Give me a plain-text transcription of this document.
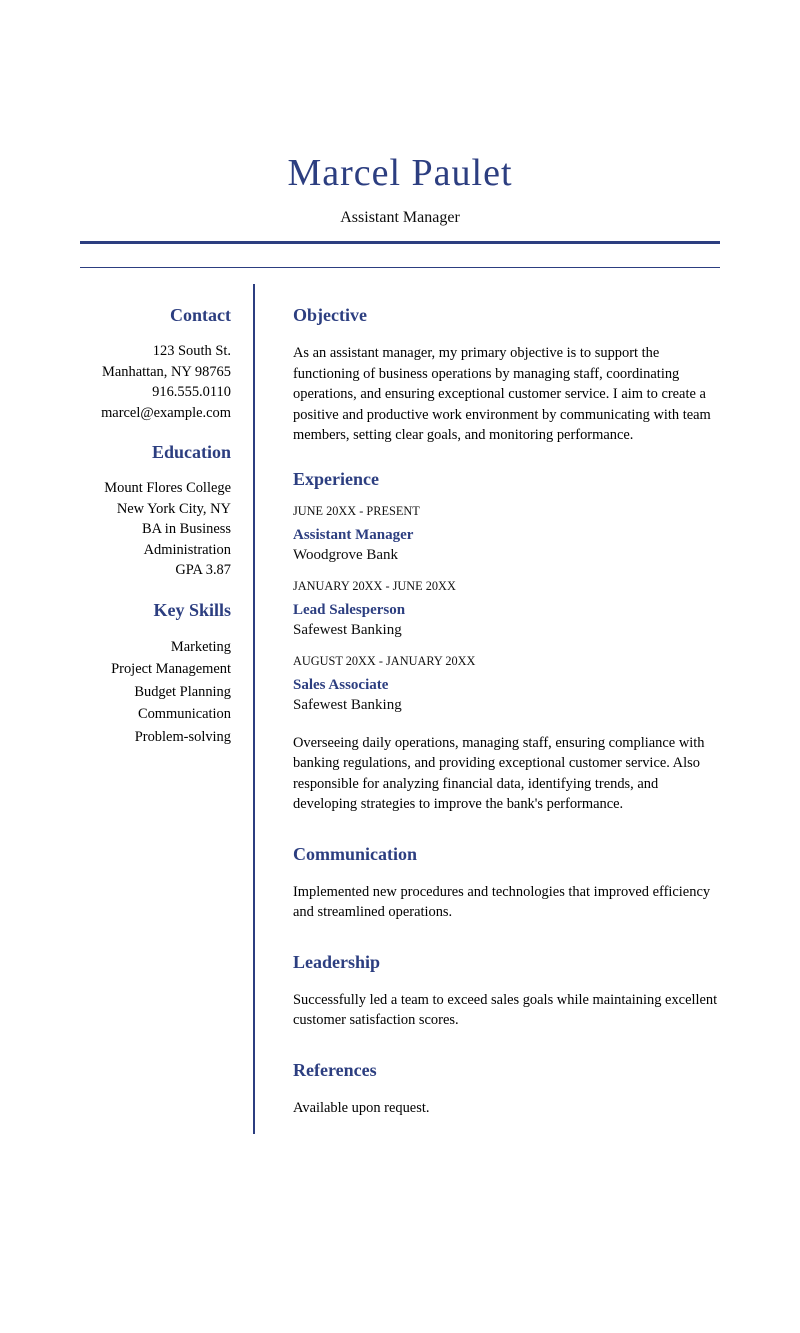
Marcel Paulet
Assistant Manager
Contact
123 South St.
Manhattan, NY 98765
916.555.0110
marcel@example.com
Education
Mount Flores College
New York City, NY
BA in Business
Administration
GPA 3.87
Key Skills
Marketing
Project Management
Budget Planning
Communication
Problem-solving
Objective

As an assistant manager, my primary objective is to support the functioning of business operations by managing staff, coordinating operations, and ensuring exceptional customer service. I aim to create a positive and productive work environment by communicating with team members, setting clear goals, and monitoring performance.

Experience
JUNE 20XX - PRESENT
Assistant Manager
Woodgrove Bank
JANUARY 20XX - JUNE 20XX
Lead Salesperson
Safewest Banking
AUGUST 20XX - JANUARY 20XX
Sales Associate
Safewest Banking

Overseeing daily operations, managing staff, ensuring compliance with banking regulations, and providing exceptional customer service. Also responsible for analyzing financial data, identifying trends, and developing strategies to improve the bank's performance.

Communication

Implemented new procedures and technologies that improved efficiency and streamlined operations.

Leadership

Successfully led a team to exceed sales goals while maintaining excellent customer satisfaction scores.

References

Available upon request.
